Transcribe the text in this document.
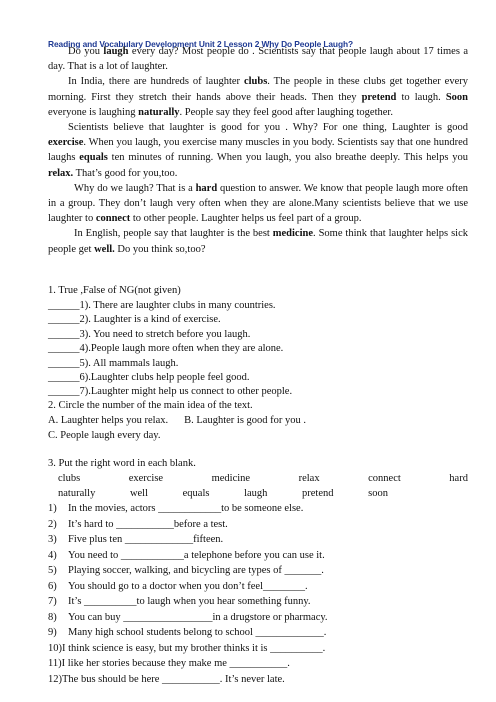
Reading and Vocabulary Development Unit 2 Lesson 2 Why Do People Laugh?

Do you laugh every day? Most people do . Scientists say that people laugh about 17 times a day. That is a lot of laughter.

In India, there are hundreds of laughter clubs. The people in these clubs get together every morning. First they stretch their hands above their heads. Then they pretend to laugh. Soon everyone is laughing naturally. People say they feel good after laughing together.

Scientists believe that laughter is good for you . Why? For one thing, Laughter is good exercise. When you laugh, you exercise many muscles in you body. Scientists say that one hundred laughs equals ten minutes of running. When you laugh, you also breathe deeply. This helps you relax. That’s good for you,too.

Why do we laugh? That is a hard question to answer. We know that people laugh more often in a group. They don’t laugh very often when they are alone.Many scientists believe that we use laughter to connect to other people. Laughter helps us feel part of a group.

In English, people say that laughter is the best medicine. Some think that laughter helps sick people get well. Do you think so,too?

1. True ,False of NG(not given)
______1). There are laughter clubs in many countries.
______2). Laughter is a kind of exercise.
______3). You need to stretch before you laugh.
______4).People laugh more often when they are alone.
______5). All mammals laugh.
______6).Laughter clubs help people feel good.
______7).Laughter might help us connect to other people.
2. Circle the number of the main idea of the text.
A. Laughter helps you relax. B. Laughter is good for you .
C. People laugh every day.
3. Put the right word in each blank.
clubs	exercise	medicine	relax	connect	hard
naturally	well	equals	laugh	pretend	soon
1) In the movies, actors ____________to be someone else.
2) It’s hard to ___________before a test.
3) Five plus ten _____________fifteen.
4) You need to ____________a telephone before you can use it.
5) Playing soccer, walking, and bicycling are types of _______.
6) You should go to a doctor when you don’t feel________.
7) It’s __________to laugh when you hear something funny.
8) You can buy _________________in a drugstore or pharmacy.
9) Many high school students belong to school _____________.
10)I think science is easy, but my brother thinks it is __________.
11)I like her stories because they make me ___________.
12)The bus should be here ___________. It’s never late.
